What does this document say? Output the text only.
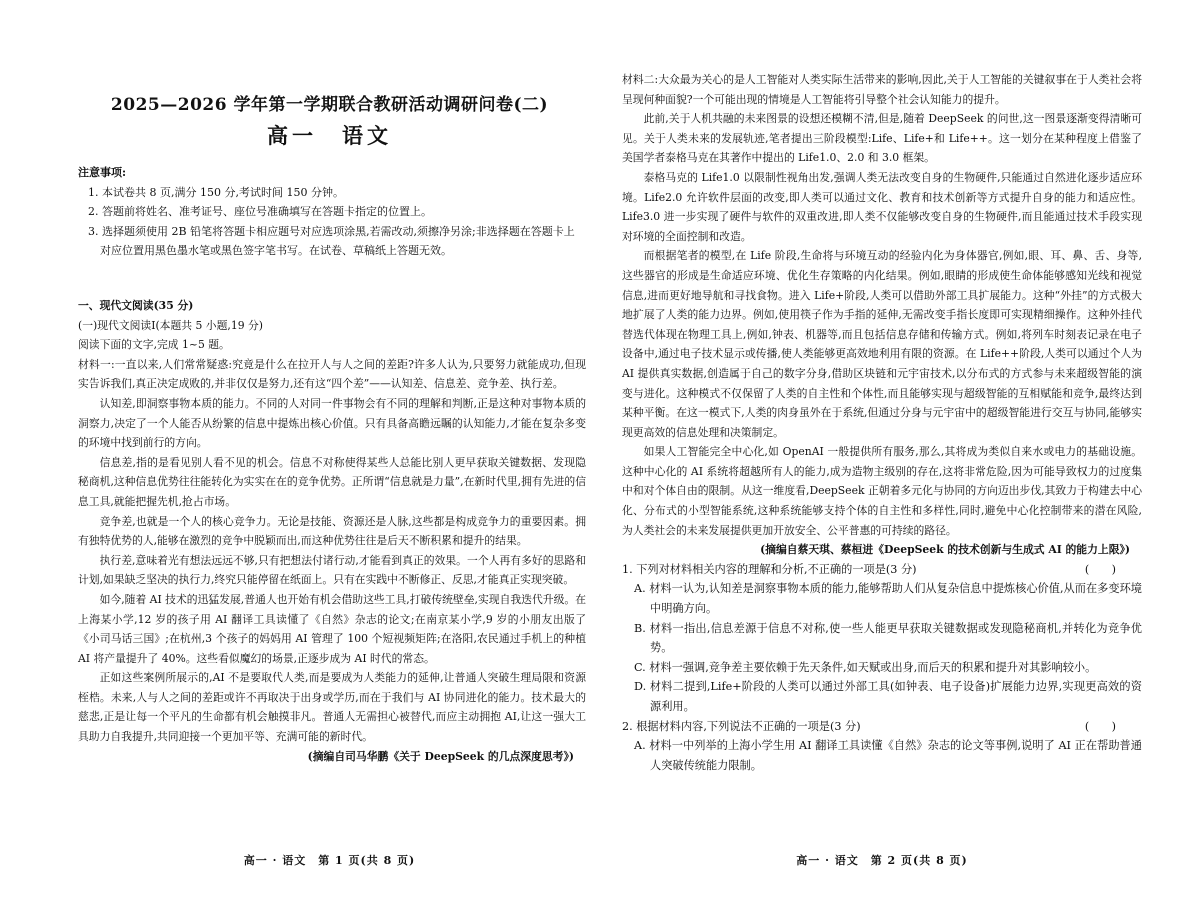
2025—2026 学年第一学期联合教研活动调研问卷(二)
高一　语文
注意事项:
1. 本试卷共 8 页,满分 150 分,考试时间 150 分钟。
2. 答题前将姓名、准考证号、座位号准确填写在答题卡指定的位置上。
3. 选择题须使用 2B 铅笔将答题卡相应题号对应选项涂黑,若需改动,须擦净另涂;非选择题在答题卡上对应位置用黑色墨水笔或黑色签字笔书写。在试卷、草稿纸上答题无效。
一、现代文阅读(35 分)
(一)现代文阅读Ⅰ(本题共 5 小题,19 分)
阅读下面的文字,完成 1~5 题。
材料一:一直以来,人们常常疑惑:究竟是什么在拉开人与人之间的差距?许多人认为,只要努力就能成功,但现实告诉我们,真正决定成败的,并非仅仅是努力,还有这“四个差”——认知差、信息差、竞争差、执行差。
认知差,即洞察事物本质的能力。不同的人对同一件事物会有不同的理解和判断,正是这种对事物本质的洞察力,决定了一个人能否从纷繁的信息中提炼出核心价值。只有具备高瞻远瞩的认知能力,才能在复杂多变的环境中找到前行的方向。
信息差,指的是看见别人看不见的机会。信息不对称使得某些人总能比别人更早获取关键数据、发现隐秘商机,这种信息优势往往能转化为实实在在的竞争优势。正所谓“信息就是力量”,在新时代里,拥有先进的信息工具,就能把握先机,抢占市场。
竞争差,也就是一个人的核心竞争力。无论是技能、资源还是人脉,这些都是构成竞争力的重要因素。拥有独特优势的人,能够在激烈的竞争中脱颖而出,而这种优势往往是后天不断积累和提升的结果。
执行差,意味着光有想法远远不够,只有把想法付诸行动,才能看到真正的效果。一个人再有多好的思路和计划,如果缺乏坚决的执行力,终究只能停留在纸面上。只有在实践中不断修正、反思,才能真正实现突破。
如今,随着 AI 技术的迅猛发展,普通人也开始有机会借助这些工具,打破传统壁垒,实现自我迭代升级。在上海某小学,12 岁的孩子用 AI 翻译工具读懂了《自然》杂志的论文;在南京某小学,9 岁的小朋友出版了《小司马话三国》;在杭州,3 个孩子的妈妈用 AI 管理了 100 个短视频矩阵;在洛阳,农民通过手机上的种植 AI 将产量提升了 40%。这些看似魔幻的场景,正逐步成为 AI 时代的常态。
正如这些案例所展示的,AI 不是要取代人类,而是要成为人类能力的延伸,让普通人突破生理局限和资源桎梏。未来,人与人之间的差距或许不再取决于出身或学历,而在于我们与 AI 协同进化的能力。技术最大的慈悲,正是让每一个平凡的生命都有机会触摸非凡。普通人无需担心被替代,而应主动拥抱 AI,让这一强大工具助力自我提升,共同迎接一个更加平等、充满可能的新时代。
(摘编自司马华鹏《关于 DeepSeek 的几点深度思考》)
高一 · 语文　第 1 页(共 8 页)
材料二:大众最为关心的是人工智能对人类实际生活带来的影响,因此,关于人工智能的关键叙事在于人类社会将呈现何种面貌?一个可能出现的情境是人工智能将引导整个社会认知能力的提升。
此前,关于人机共融的未来图景的设想还模糊不清,但是,随着 DeepSeek 的问世,这一图景逐渐变得清晰可见。关于人类未来的发展轨迹,笔者提出三阶段模型:Life、Life+和 Life++。这一划分在某种程度上借鉴了美国学者泰格马克在其著作中提出的 Life1.0、2.0 和 3.0 框架。
泰格马克的 Life1.0 以限制性视角出发,强调人类无法改变自身的生物硬件,只能通过自然进化逐步适应环境。Life2.0 允许软件层面的改变,即人类可以通过文化、教育和技术创新等方式提升自身的能力和适应性。Life3.0 进一步实现了硬件与软件的双重改进,即人类不仅能够改变自身的生物硬件,而且能通过技术手段实现对环境的全面控制和改造。
而根据笔者的模型,在 Life 阶段,生命将与环境互动的经验内化为身体器官,例如,眼、耳、鼻、舌、身等,这些器官的形成是生命适应环境、优化生存策略的内化结果。例如,眼睛的形成使生命体能够感知光线和视觉信息,进而更好地导航和寻找食物。进入 Life+阶段,人类可以借助外部工具扩展能力。这种“外挂”的方式极大地扩展了人类的能力边界。例如,使用筷子作为手指的延伸,无需改变手指长度即可实现精细操作。这种外挂代替选代体现在物理工具上,例如,钟表、机器等,而且包括信息存储和传输方式。例如,将列车时刻表记录在电子设备中,通过电子技术显示或传播,使人类能够更高效地利用有限的资源。在 Life++阶段,人类可以通过个人为 AI 提供真实数据,创造属于自己的数字分身,借助区块链和元宇宙技术,以分布式的方式参与未来超级智能的演变与进化。这种模式不仅保留了人类的自主性和个体性,而且能够实现与超级智能的互相赋能和竞争,最终达到某种平衡。在这一模式下,人类的肉身虽外在于系统,但通过分身与元宇宙中的超级智能进行交互与协同,能够实现更高效的信息处理和决策制定。
如果人工智能完全中心化,如 OpenAI 一般提供所有服务,那么,其将成为类似自来水或电力的基础设施。这种中心化的 AI 系统将超越所有人的能力,成为造物主级别的存在,这将非常危险,因为可能导致权力的过度集中和对个体自由的限制。从这一维度看,DeepSeek 正朝着多元化与协同的方向迈出步伐,其致力于构建去中心化、分布式的小型智能系统,这种系统能够支持个体的自主性和多样性,同时,避免中心化控制带来的潜在风险,为人类社会的未来发展提供更加开放安全、公平普惠的可持续的路径。
(摘编自蔡天琪、蔡桓进《DeepSeek 的技术创新与生成式 AI 的能力上限》)
(　　)
1. 下列对材料相关内容的理解和分析,不正确的一项是(3 分)
A. 材料一认为,认知差是洞察事物本质的能力,能够帮助人们从复杂信息中提炼核心价值,从而在多变环境中明确方向。
B. 材料一指出,信息差源于信息不对称,使一些人能更早获取关键数据或发现隐秘商机,并转化为竞争优势。
C. 材料一强调,竞争差主要依赖于先天条件,如天赋或出身,而后天的积累和提升对其影响较小。
D. 材料二提到,Life+阶段的人类可以通过外部工具(如钟表、电子设备)扩展能力边界,实现更高效的资源利用。
(　　)
2. 根据材料内容,下列说法不正确的一项是(3 分)
A. 材料一中列举的上海小学生用 AI 翻译工具读懂《自然》杂志的论文等事例,说明了 AI 正在帮助普通人突破传统能力限制。
高一 · 语文　第 2 页(共 8 页)
